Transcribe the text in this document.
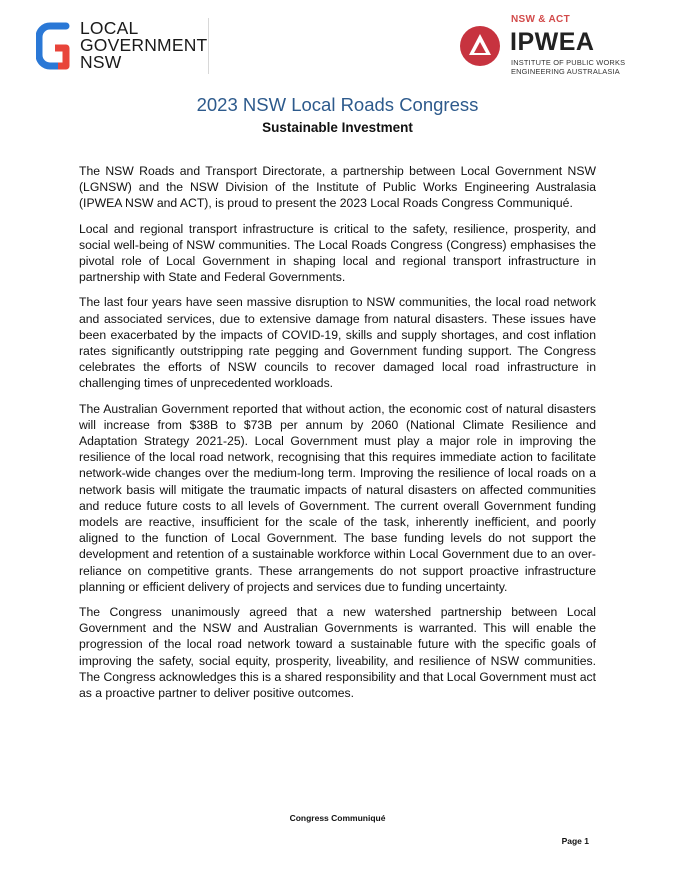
LOCAL
GOVERNMENT
NSW
NSW & ACT
IPWEA
INSTITUTE OF PUBLIC WORKS
ENGINEERING AUSTRALASIA
2023 NSW Local Roads Congress
Sustainable Investment

The NSW Roads and Transport Directorate, a partnership between Local Government NSW (LGNSW) and the NSW Division of the Institute of Public Works Engineering Australasia (IPWEA NSW and ACT), is proud to present the 2023 Local Roads Congress Communiqué.

Local and regional transport infrastructure is critical to the safety, resilience, prosperity, and social well-being of NSW communities. The Local Roads Congress (Congress) emphasises the pivotal role of Local Government in shaping local and regional transport infrastructure in partnership with State and Federal Governments.

The last four years have seen massive disruption to NSW communities, the local road network and associated services, due to extensive damage from natural disasters. These issues have been exacerbated by the impacts of COVID-19, skills and supply shortages, and cost inflation rates significantly outstripping rate pegging and Government funding support. The Congress celebrates the efforts of NSW councils to recover damaged local road infrastructure in challenging times of unprecedented workloads.

The Australian Government reported that without action, the economic cost of natural disasters will increase from $38B to $73B per annum by 2060 (National Climate Resilience and Adaptation Strategy 2021-25). Local Government must play a major role in improving the resilience of the local road network, recognising that this requires immediate action to facilitate network-wide changes over the medium-long term. Improving the resilience of local roads on a network basis will mitigate the traumatic impacts of natural disasters on affected communities and reduce future costs to all levels of Government. The current overall Government funding models are reactive, insufficient for the scale of the task, inherently inefficient, and poorly aligned to the function of Local Government. The base funding levels do not support the development and retention of a sustainable workforce within Local Government due to an over-reliance on competitive grants. These arrangements do not support proactive infrastructure planning or efficient delivery of projects and services due to funding uncertainty.

The Congress unanimously agreed that a new watershed partnership between Local Government and the NSW and Australian Governments is warranted. This will enable the progression of the local road network toward a sustainable future with the specific goals of improving the safety, social equity, prosperity, liveability, and resilience of NSW communities. The Congress acknowledges this is a shared responsibility and that Local Government must act as a proactive partner to deliver positive outcomes.

Congress Communiqué
Page 1
